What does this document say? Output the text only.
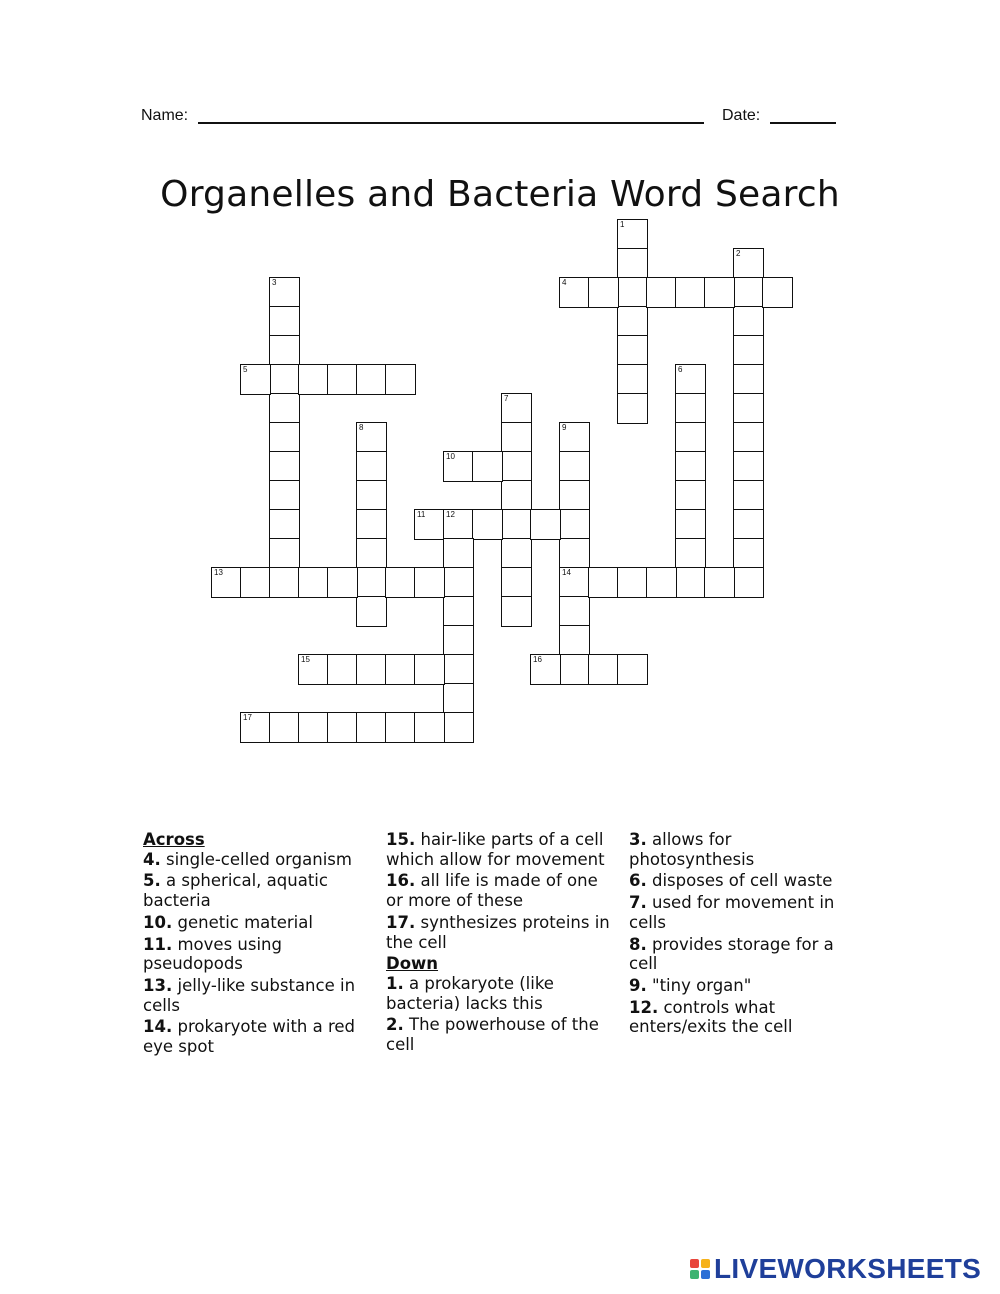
Name:	Date:
Organelles and Bacteria Word Search
1
2
3	4
5	6
7
8	9
14
10
11	12
13
15	16
17

Across

4. single-celled organism

5. a spherical, aquatic bacteria

10. genetic material

11. moves using pseudopods

13. jelly-like substance in cells

14. prokaryote with a red eye spot

15. hair-like parts of a cell which allow for movement

16. all life is made of one or more of these

17. synthesizes proteins in the cell

Down

1. a prokaryote (like bacteria) lacks this

2. The powerhouse of the cell

3. allows for photosynthesis

6. disposes of cell waste

7. used for movement in cells

8. provides storage for a cell

9. "tiny organ"

12. controls what enters/exits the cell

LIVEWORKSHEETS
